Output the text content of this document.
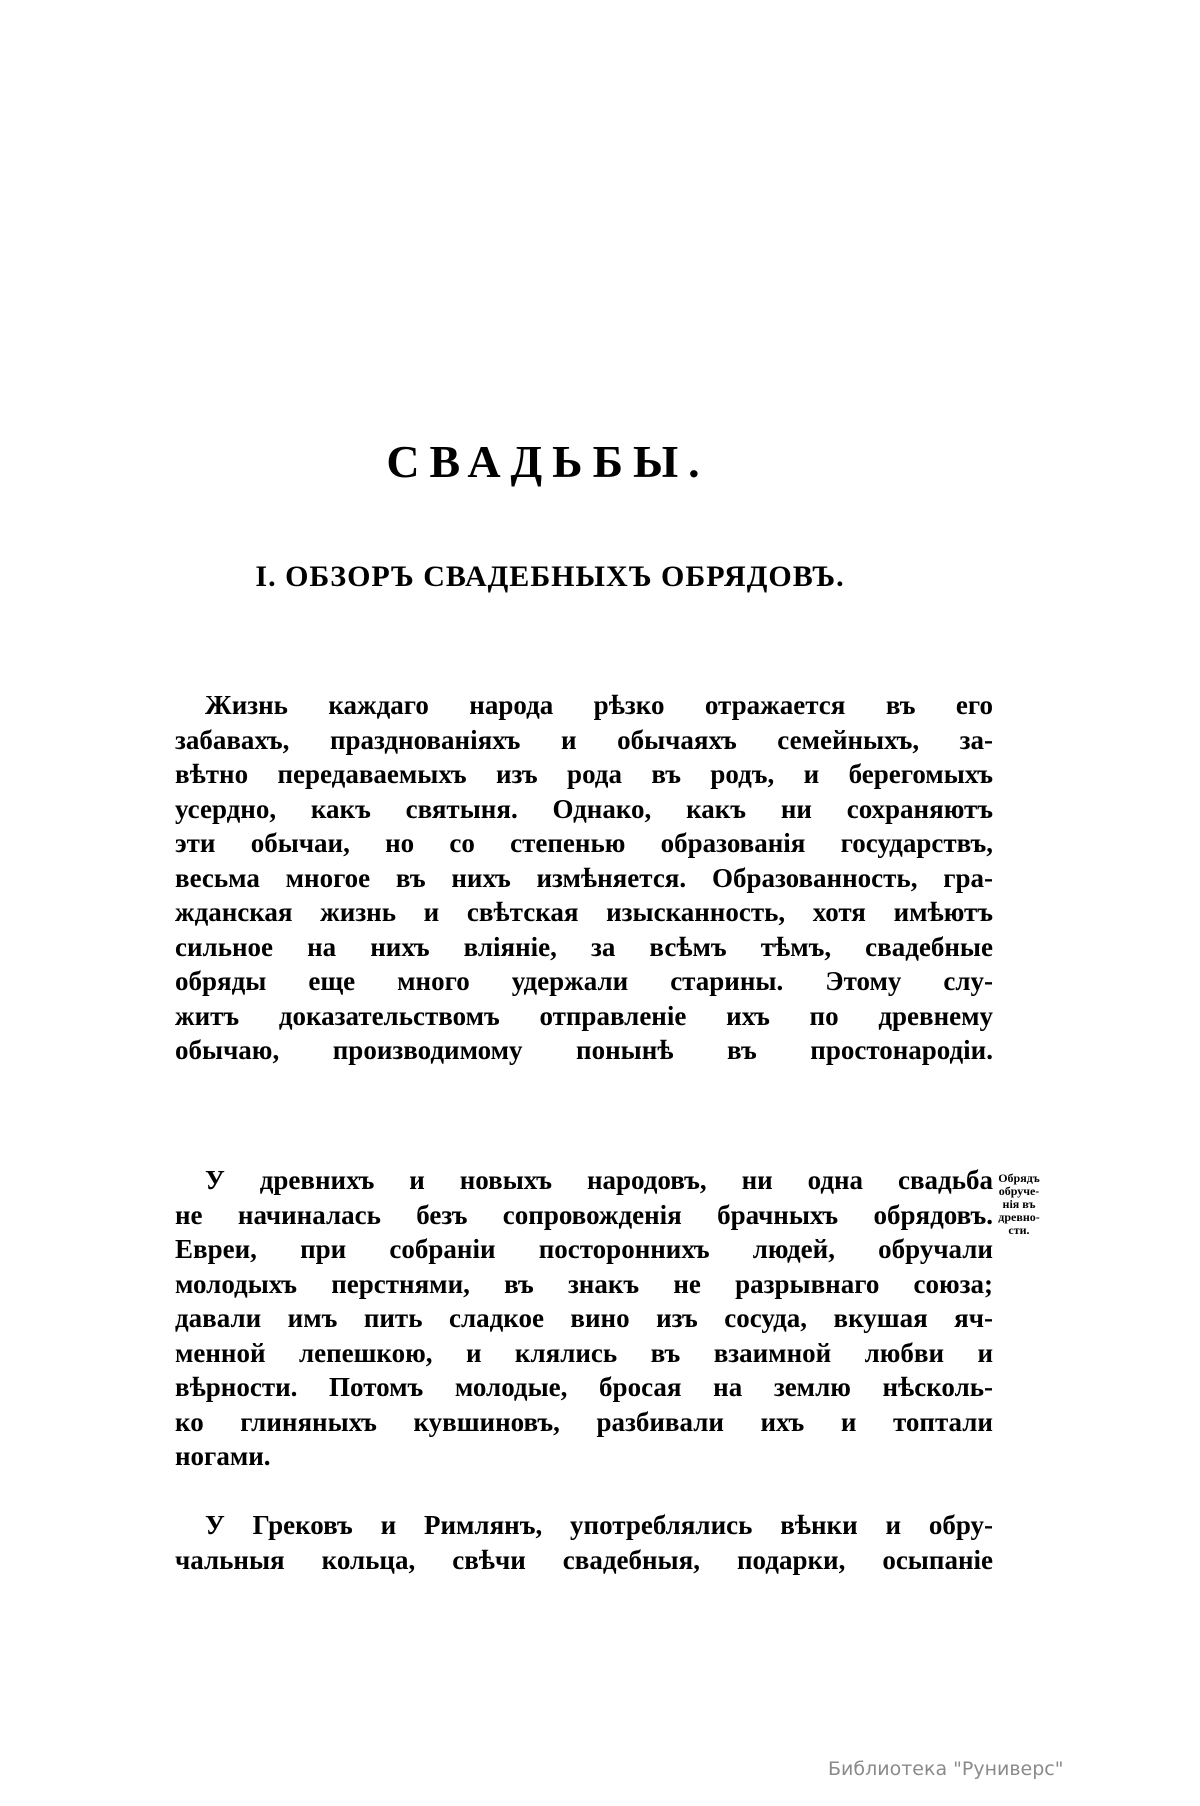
СВАДЬБЫ.
I. ОБЗОРЪ СВАДЕБНЫХЪ ОБРЯДОВЪ.
Жизнь каждаго народа рѣзко отражается въ его
забавахъ, празднованіяхъ и обычаяхъ семейныхъ, за-
вѣтно передаваемыхъ изъ рода въ родъ, и берегомыхъ
усердно, какъ святыня. Однако, какъ ни сохраняютъ
эти обычаи, но со степенью образованія государствъ,
весьма многое въ нихъ измѣняется. Образованность, гра-
жданская жизнь и свѣтская изысканность, хотя имѣютъ
сильное на нихъ вліяніе, за всѣмъ тѣмъ, свадебные
обряды еще много удержали старины. Этому слу-
житъ доказательствомъ отправленіе ихъ по древнему
обычаю, производимому понынѣ въ простонародіи.
У древнихъ и новыхъ народовъ, ни одна свадьба
не начиналась безъ сопровожденія брачныхъ обрядовъ.
Евреи, при собраніи постороннихъ людей, обручали
молодыхъ перстнями, въ знакъ не разрывнаго союза;
давали имъ пить сладкое вино изъ сосуда, вкушая яч-
менной лепешкою, и клялись въ взаимной любви и
вѣрности. Потомъ молодые, бросая на землю нѣсколь-
ко глиняныхъ кувшиновъ, разбивали ихъ и топтали
ногами.
Обрядъ
обруче-
нія въ
древно-
сти.
У Грековъ и Римлянъ, употреблялись вѣнки и обру-
чальныя кольца, свѣчи свадебныя, подарки, осыпаніе
Библиотека "Руниверс"
